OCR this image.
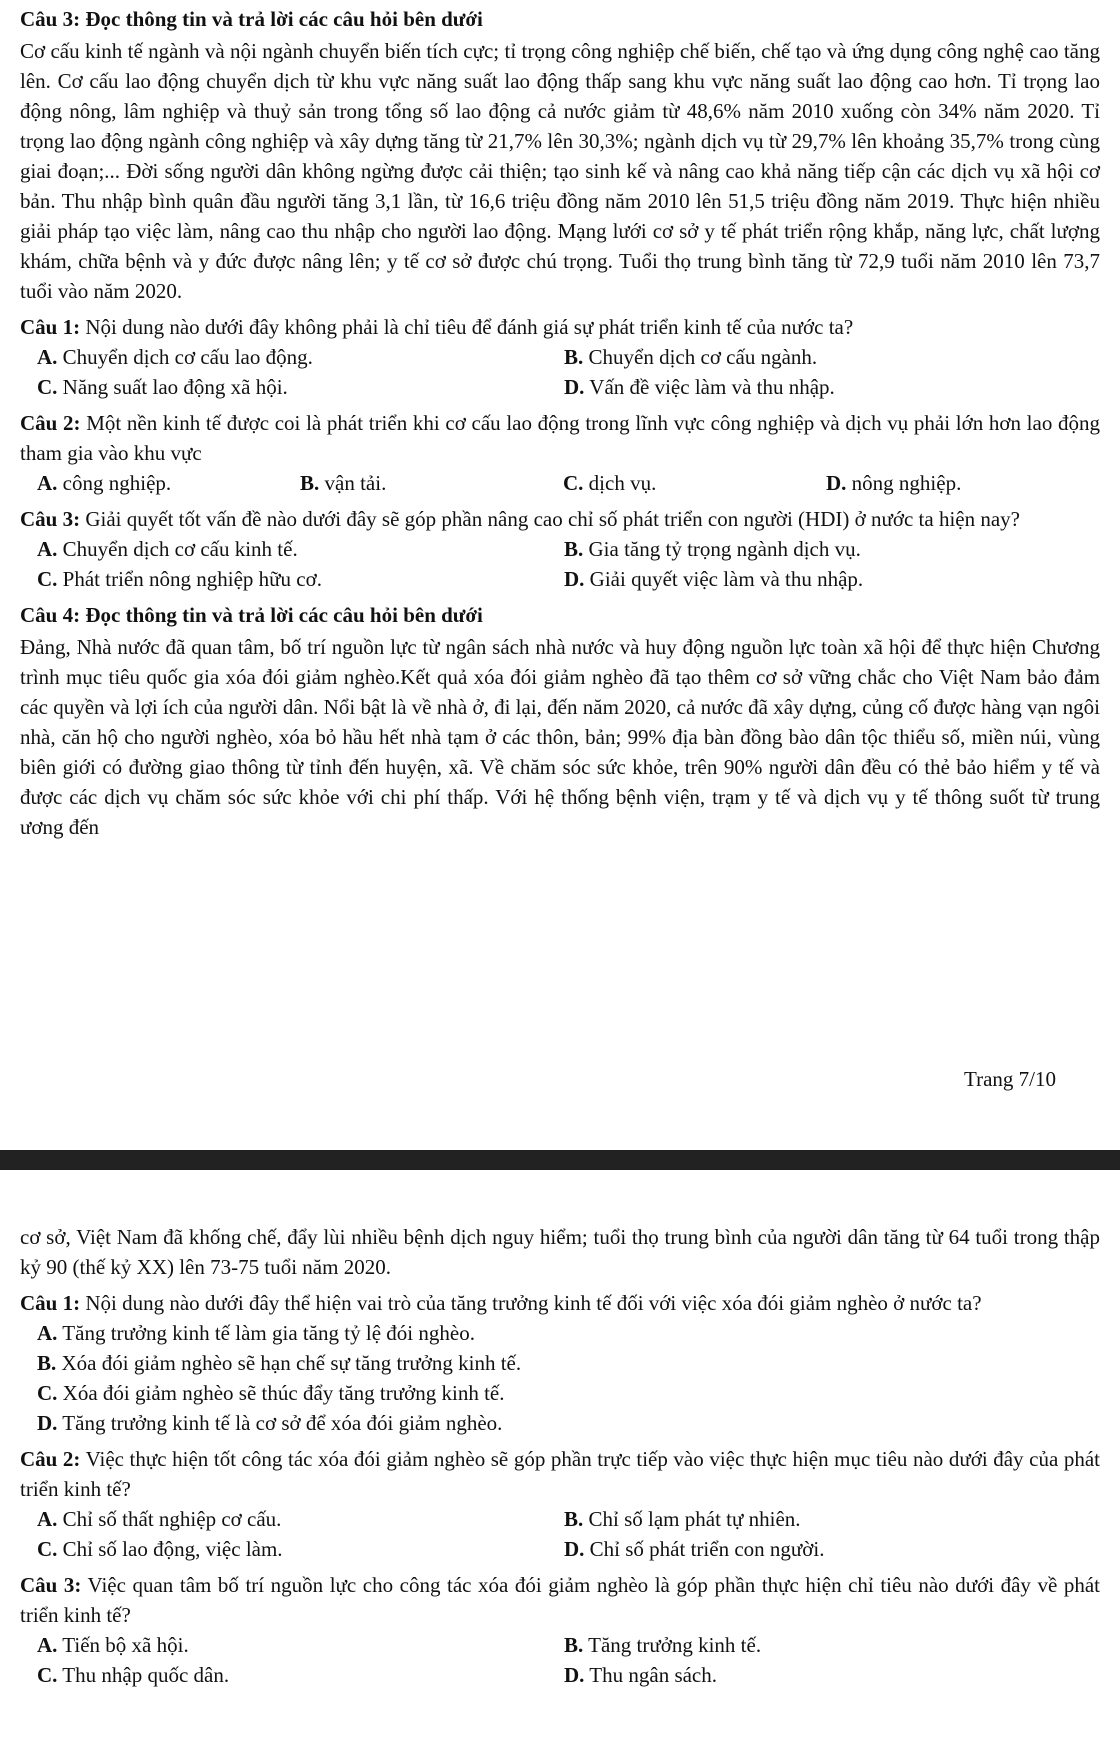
Câu 3: Đọc thông tin và trả lời các câu hỏi bên dưới

Cơ cấu kinh tế ngành và nội ngành chuyển biến tích cực; tỉ trọng công nghiệp chế biến, chế tạo và ứng dụng công nghệ cao tăng lên. Cơ cấu lao động chuyển dịch từ khu vực năng suất lao động thấp sang khu vực năng suất lao động cao hơn. Tỉ trọng lao động nông, lâm nghiệp và thuỷ sản trong tổng số lao động cả nước giảm từ 48,6% năm 2010 xuống còn 34% năm 2020. Tỉ trọng lao động ngành công nghiệp và xây dựng tăng từ 21,7% lên 30,3%; ngành dịch vụ từ 29,7% lên khoảng 35,7% trong cùng giai đoạn;... Đời sống người dân không ngừng được cải thiện; tạo sinh kế và nâng cao khả năng tiếp cận các dịch vụ xã hội cơ bản. Thu nhập bình quân đầu người tăng 3,1 lần, từ 16,6 triệu đồng năm 2010 lên 51,5 triệu đồng năm 2019. Thực hiện nhiều giải pháp tạo việc làm, nâng cao thu nhập cho người lao động. Mạng lưới cơ sở y tế phát triển rộng khắp, năng lực, chất lượng khám, chữa bệnh và y đức được nâng lên; y tế cơ sở được chú trọng. Tuổi thọ trung bình tăng từ 72,9 tuổi năm 2010 lên 73,7 tuổi vào năm 2020.

Câu 1: Nội dung nào dưới đây không phải là chỉ tiêu để đánh giá sự phát triển kinh tế của nước ta?

A. Chuyển dịch cơ cấu lao động.	B. Chuyển dịch cơ cấu ngành.
C. Năng suất lao động xã hội.	D. Vấn đề việc làm và thu nhập.

Câu 2: Một nền kinh tế được coi là phát triển khi cơ cấu lao động trong lĩnh vực công nghiệp và dịch vụ phải lớn hơn lao động tham gia vào khu vực

A. công nghiệp.	B. vận tải.	C. dịch vụ.	D. nông nghiệp.

Câu 3: Giải quyết tốt vấn đề nào dưới đây sẽ góp phần nâng cao chỉ số phát triển con người (HDI) ở nước ta hiện nay?

A. Chuyển dịch cơ cấu kinh tế.	B. Gia tăng tỷ trọng ngành dịch vụ.
C. Phát triển nông nghiệp hữu cơ.	D. Giải quyết việc làm và thu nhập.

Câu 4: Đọc thông tin và trả lời các câu hỏi bên dưới

Đảng, Nhà nước đã quan tâm, bố trí nguồn lực từ ngân sách nhà nước và huy động nguồn lực toàn xã hội để thực hiện Chương trình mục tiêu quốc gia xóa đói giảm nghèo.Kết quả xóa đói giảm nghèo đã tạo thêm cơ sở vững chắc cho Việt Nam bảo đảm các quyền và lợi ích của người dân. Nổi bật là về nhà ở, đi lại, đến năm 2020, cả nước đã xây dựng, củng cố được hàng vạn ngôi nhà, căn hộ cho người nghèo, xóa bỏ hầu hết nhà tạm ở các thôn, bản; 99% địa bàn đồng bào dân tộc thiểu số, miền núi, vùng biên giới có đường giao thông từ tỉnh đến huyện, xã. Về chăm sóc sức khỏe, trên 90% người dân đều có thẻ bảo hiểm y tế và được các dịch vụ chăm sóc sức khỏe với chi phí thấp. Với hệ thống bệnh viện, trạm y tế và dịch vụ y tế thông suốt từ trung ương đến

Trang 7/10

cơ sở, Việt Nam đã khống chế, đẩy lùi nhiều bệnh dịch nguy hiểm; tuổi thọ trung bình của người dân tăng từ 64 tuổi trong thập kỷ 90 (thế kỷ XX) lên 73-75 tuổi năm 2020.

Câu 1: Nội dung nào dưới đây thể hiện vai trò của tăng trưởng kinh tế đối với việc xóa đói giảm nghèo ở nước ta?

A. Tăng trưởng kinh tế làm gia tăng tỷ lệ đói nghèo.
B. Xóa đói giảm nghèo sẽ hạn chế sự tăng trưởng kinh tế.
C. Xóa đói giảm nghèo sẽ thúc đẩy tăng trưởng kinh tế.
D. Tăng trưởng kinh tế là cơ sở để xóa đói giảm nghèo.

Câu 2: Việc thực hiện tốt công tác xóa đói giảm nghèo sẽ góp phần trực tiếp vào việc thực hiện mục tiêu nào dưới đây của phát triển kinh tế?

A. Chỉ số thất nghiệp cơ cấu.	B. Chỉ số lạm phát tự nhiên.
C. Chỉ số lao động, việc làm.	D. Chỉ số phát triển con người.

Câu 3: Việc quan tâm bố trí nguồn lực cho công tác xóa đói giảm nghèo là góp phần thực hiện chỉ tiêu nào dưới đây về phát triển kinh tế?

A. Tiến bộ xã hội.	B. Tăng trưởng kinh tế.
C. Thu nhập quốc dân.	D. Thu ngân sách.
